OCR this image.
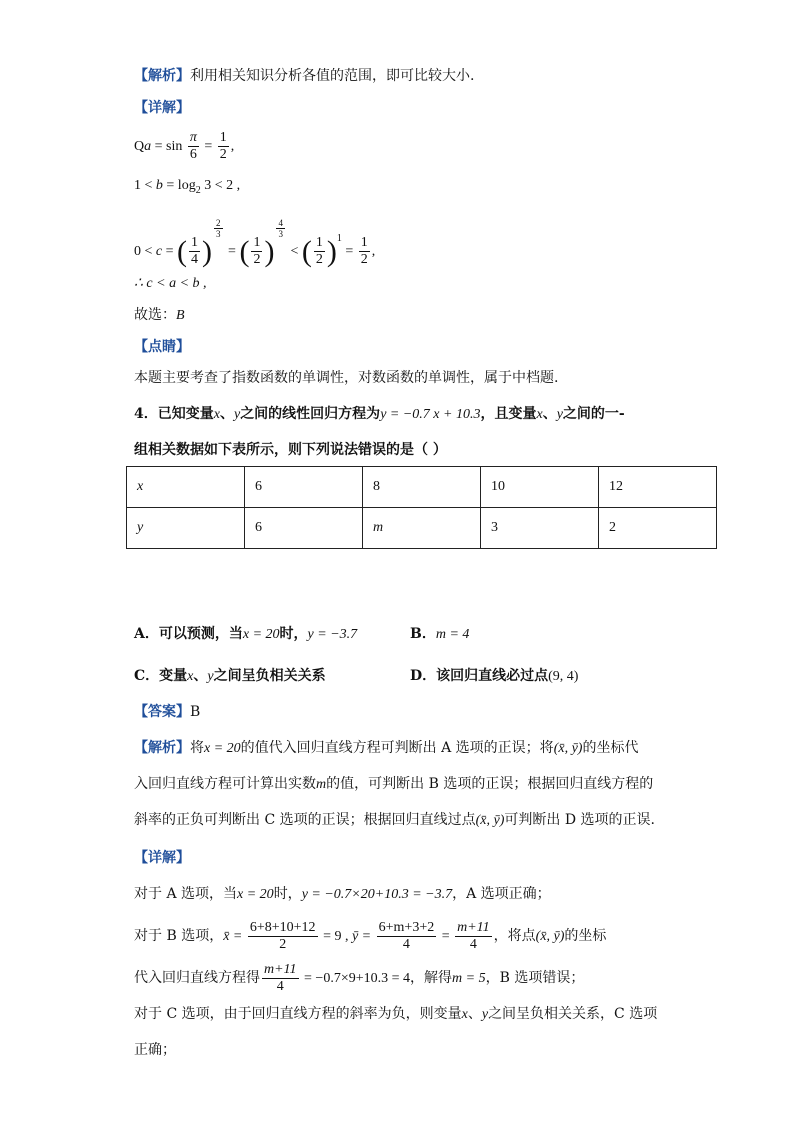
【解析】利用相关知识分析各值的范围，即可比较大小.
【详解】
$Qa = \sin \frac{\pi}{6} = \frac{1}{2}$ ,
$1 < b = \log_2 3 < 2$ ,
0 < c = ( $\frac{1}{4}$ )
$\frac{2}{3}$
= ( $\frac{1}{2}$ )
$\frac{4}{3}$
< ( $\frac{1}{2} )^1 = \frac{1}{2}$ ,
∴ c < a < b ,
故选：B
【点睛】
本题主要考查了指数函数的单调性，对数函数的单调性，属于中档题.
4．已知变量x、y之间的线性回归方程为y = −0.7 x + 10.3，且变量x、y之间的一-
组相关数据如下表所示，则下列说法错误的是（ ）
x	6	8	10	12
y	6	m	3	2
A．可以预测，当x = 20时，y = −3.7	B．m = 4
C．变量x、y之间呈负相关关系	D．该回归直线必过点(9, 4)
【答案】B
【解析】将x = 20的值代入回归直线方程可判断出 A 选项的正误；将(x̄, ȳ)的坐标代
入回归直线方程可计算出实数m的值，可判断出 B 选项的正误；根据回归直线方程的
斜率的正负可判断出 C 选项的正误；根据回归直线过点(x̄, ȳ)可判断出 D 选项的正误.
【详解】
对于 A 选项，当x = 20时，y = −0.7×20+10.3 = −3.7，A 选项正确；
对于 B 选项，x̄ = $\frac{6+8+10+12}{2} = 9$ , ȳ = $\frac{6+m+3+2}{4} = \frac{m+11}{4}$ ，将点(x̄, ȳ)的坐标
代入回归直线方程得 $\frac{m+11}{4} = -0.7\times 9+10.3 = 4$，解得m = 5，B 选项错误；
对于 C 选项，由于回归直线方程的斜率为负，则变量x、y之间呈负相关关系，C 选项
正确；
